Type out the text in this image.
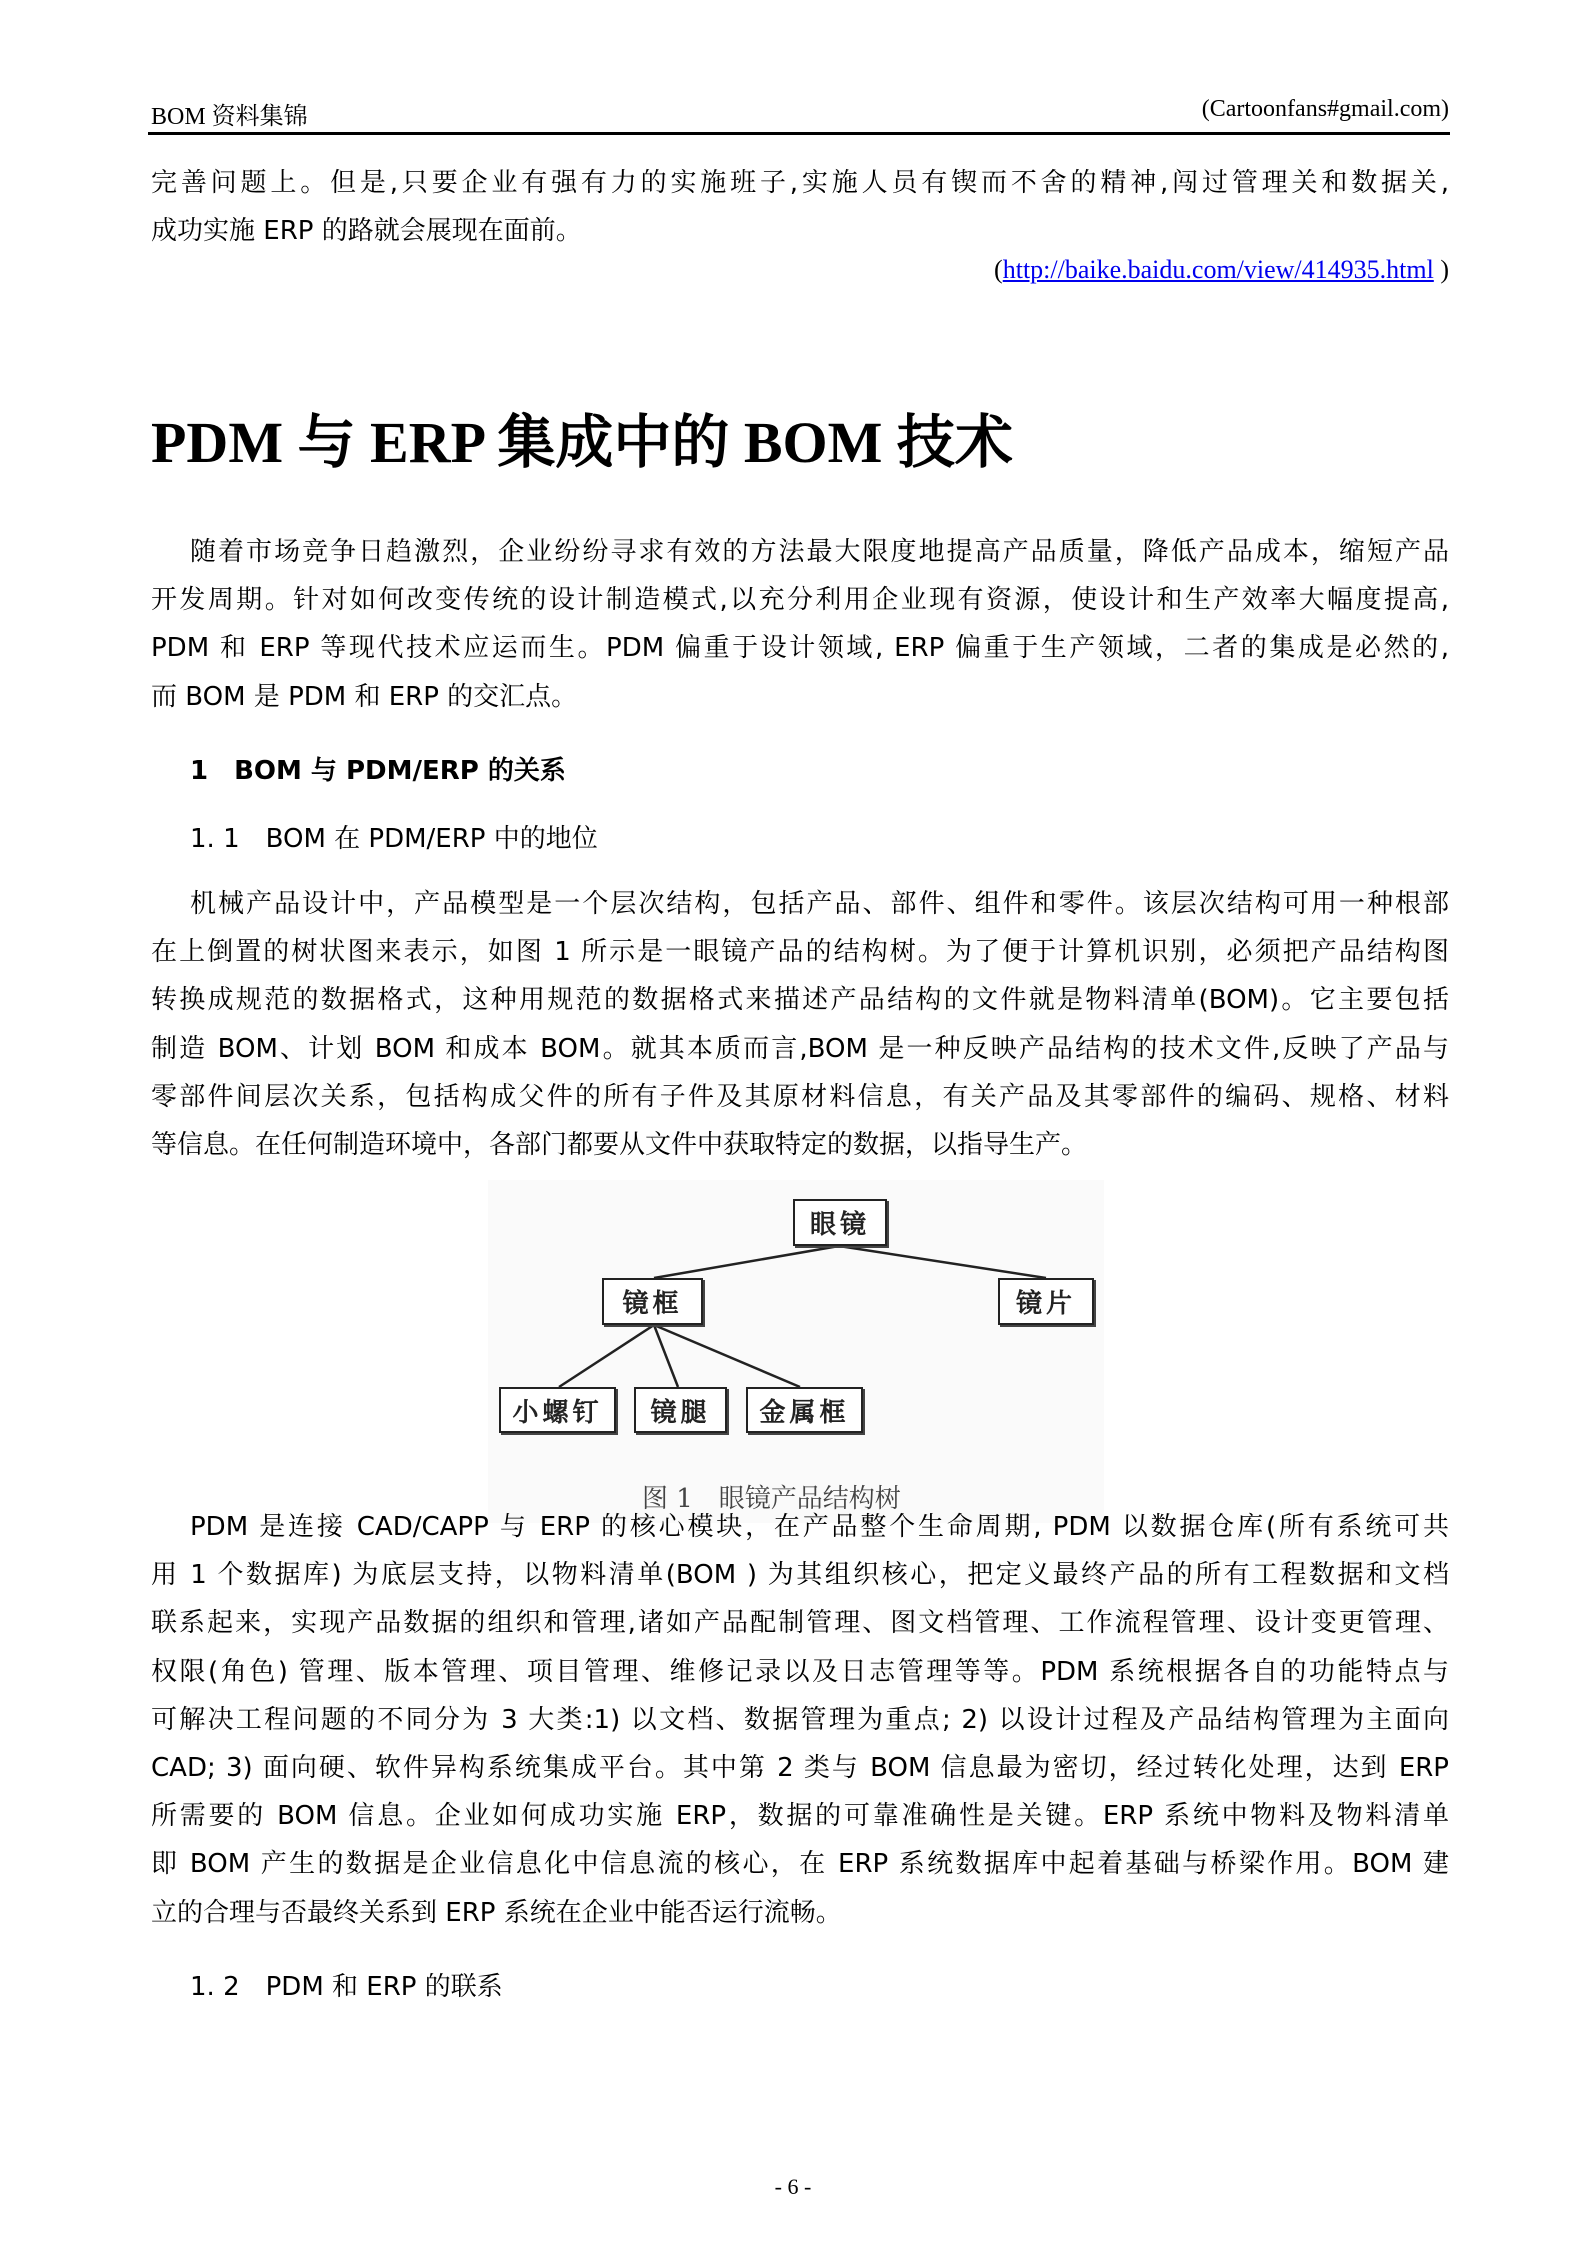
BOM 资料集锦	(Cartoonfans#gmail.com)
完善问题上。但是,只要企业有强有力的实施班子,实施人员有锲而不舍的精神,闯过管理关和数据关,
成功实施 ERP 的路就会展现在面前。
(http://baike.baidu.com/view/414935.html )
PDM 与 ERP 集成中的 BOM 技术
随着市场竞争日趋激烈，企业纷纷寻求有效的方法最大限度地提高产品质量，降低产品成本，缩短产品
开发周期。针对如何改变传统的设计制造模式,以充分利用企业现有资源，使设计和生产效率大幅度提高,
PDM 和 ERP 等现代技术应运而生。PDM 偏重于设计领域, ERP 偏重于生产领域，二者的集成是必然的,
而 BOM 是 PDM 和 ERP 的交汇点。
1　BOM 与 PDM/ERP 的关系
1. 1　BOM 在 PDM/ERP 中的地位
机械产品设计中，产品模型是一个层次结构，包括产品、部件、组件和零件。该层次结构可用一种根部
在上倒置的树状图来表示，如图 1 所示是一眼镜产品的结构树。为了便于计算机识别，必须把产品结构图
转换成规范的数据格式，这种用规范的数据格式来描述产品结构的文件就是物料清单(BOM)。它主要包括
制造 BOM、计划 BOM 和成本 BOM。就其本质而言,BOM 是一种反映产品结构的技术文件,反映了产品与
零部件间层次关系，包括构成父件的所有子件及其原材料信息，有关产品及其零部件的编码、规格、材料
等信息。在任何制造环境中，各部门都要从文件中获取特定的数据，以指导生产。
眼镜
镜框	镜片
小螺钉	镜腿	金属框
图 1　眼镜产品结构树
PDM 是连接 CAD/CAPP 与 ERP 的核心模块，在产品整个生命周期, PDM 以数据仓库(所有系统可共
用 1 个数据库) 为底层支持，以物料清单(BOM ) 为其组织核心，把定义最终产品的所有工程数据和文档
联系起来，实现产品数据的组织和管理,诸如产品配制管理、图文档管理、工作流程管理、设计变更管理、
权限(角色) 管理、版本管理、项目管理、维修记录以及日志管理等等。PDM 系统根据各自的功能特点与
可解决工程问题的不同分为 3 大类:1) 以文档、数据管理为重点; 2) 以设计过程及产品结构管理为主面向
CAD; 3) 面向硬、软件异构系统集成平台。其中第 2 类与 BOM 信息最为密切，经过转化处理，达到 ERP
所需要的 BOM 信息。企业如何成功实施 ERP，数据的可靠准确性是关键。ERP 系统中物料及物料清单
即 BOM 产生的数据是企业信息化中信息流的核心，在 ERP 系统数据库中起着基础与桥梁作用。BOM 建
立的合理与否最终关系到 ERP 系统在企业中能否运行流畅。
1. 2　PDM 和 ERP 的联系
- 6 -
